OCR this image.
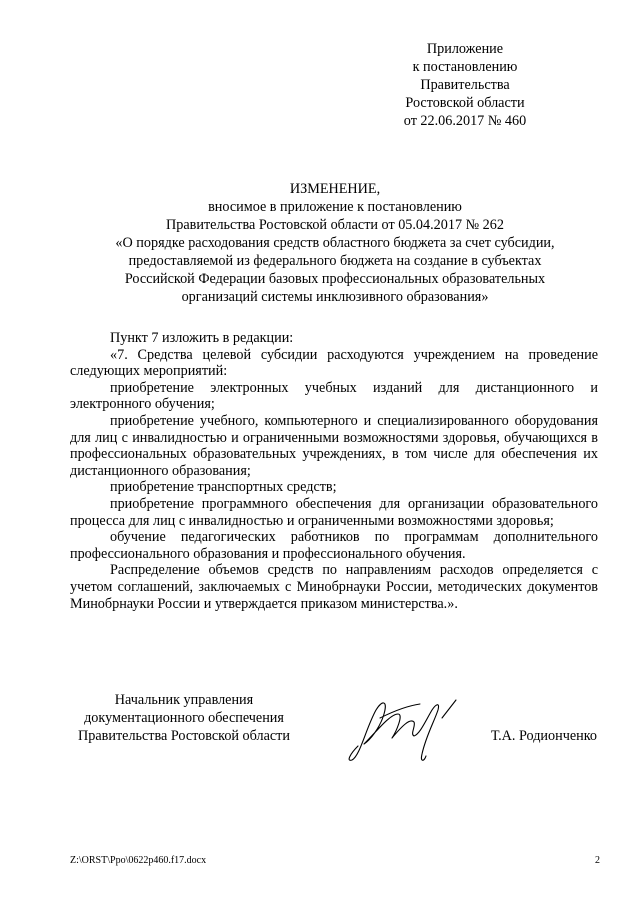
Приложение
к постановлению
Правительства
Ростовской области
от 22.06.2017 № 460
ИЗМЕНЕНИЕ,
вносимое в приложение к постановлению
Правительства Ростовской области от 05.04.2017 № 262
«О порядке расходования средств областного бюджета за счет субсидии,
предоставляемой из федерального бюджета на создание в субъектах
Российской Федерации базовых профессиональных образовательных
организаций системы инклюзивного образования»

Пункт 7 изложить в редакции:

«7. Средства целевой субсидии расходуются учреждением на проведение следующих мероприятий:

приобретение электронных учебных изданий для дистанционного и электронного обучения;

приобретение учебного, компьютерного и специализированного оборудования для лиц с инвалидностью и ограниченными возможностями здоровья, обучающихся в профессиональных образовательных учреждениях, в том числе для обеспечения их дистанционного образования;

приобретение транспортных средств;

приобретение программного обеспечения для организации образовательного процесса для лиц с инвалидностью и ограниченными возможностями здоровья;

обучение педагогических работников по программам дополнительного профессионального образования и профессионального обучения.

Распределение объемов средств по направлениям расходов определяется с учетом соглашений, заключаемых с Минобрнауки России, методических документов Минобрнауки России и утверждается приказом министерства.».

Начальник управления
документационного обеспечения
Правительства Ростовской области	Т.А. Родионченко
Z:\ORST\Ppo\0622p460.f17.docx	2
